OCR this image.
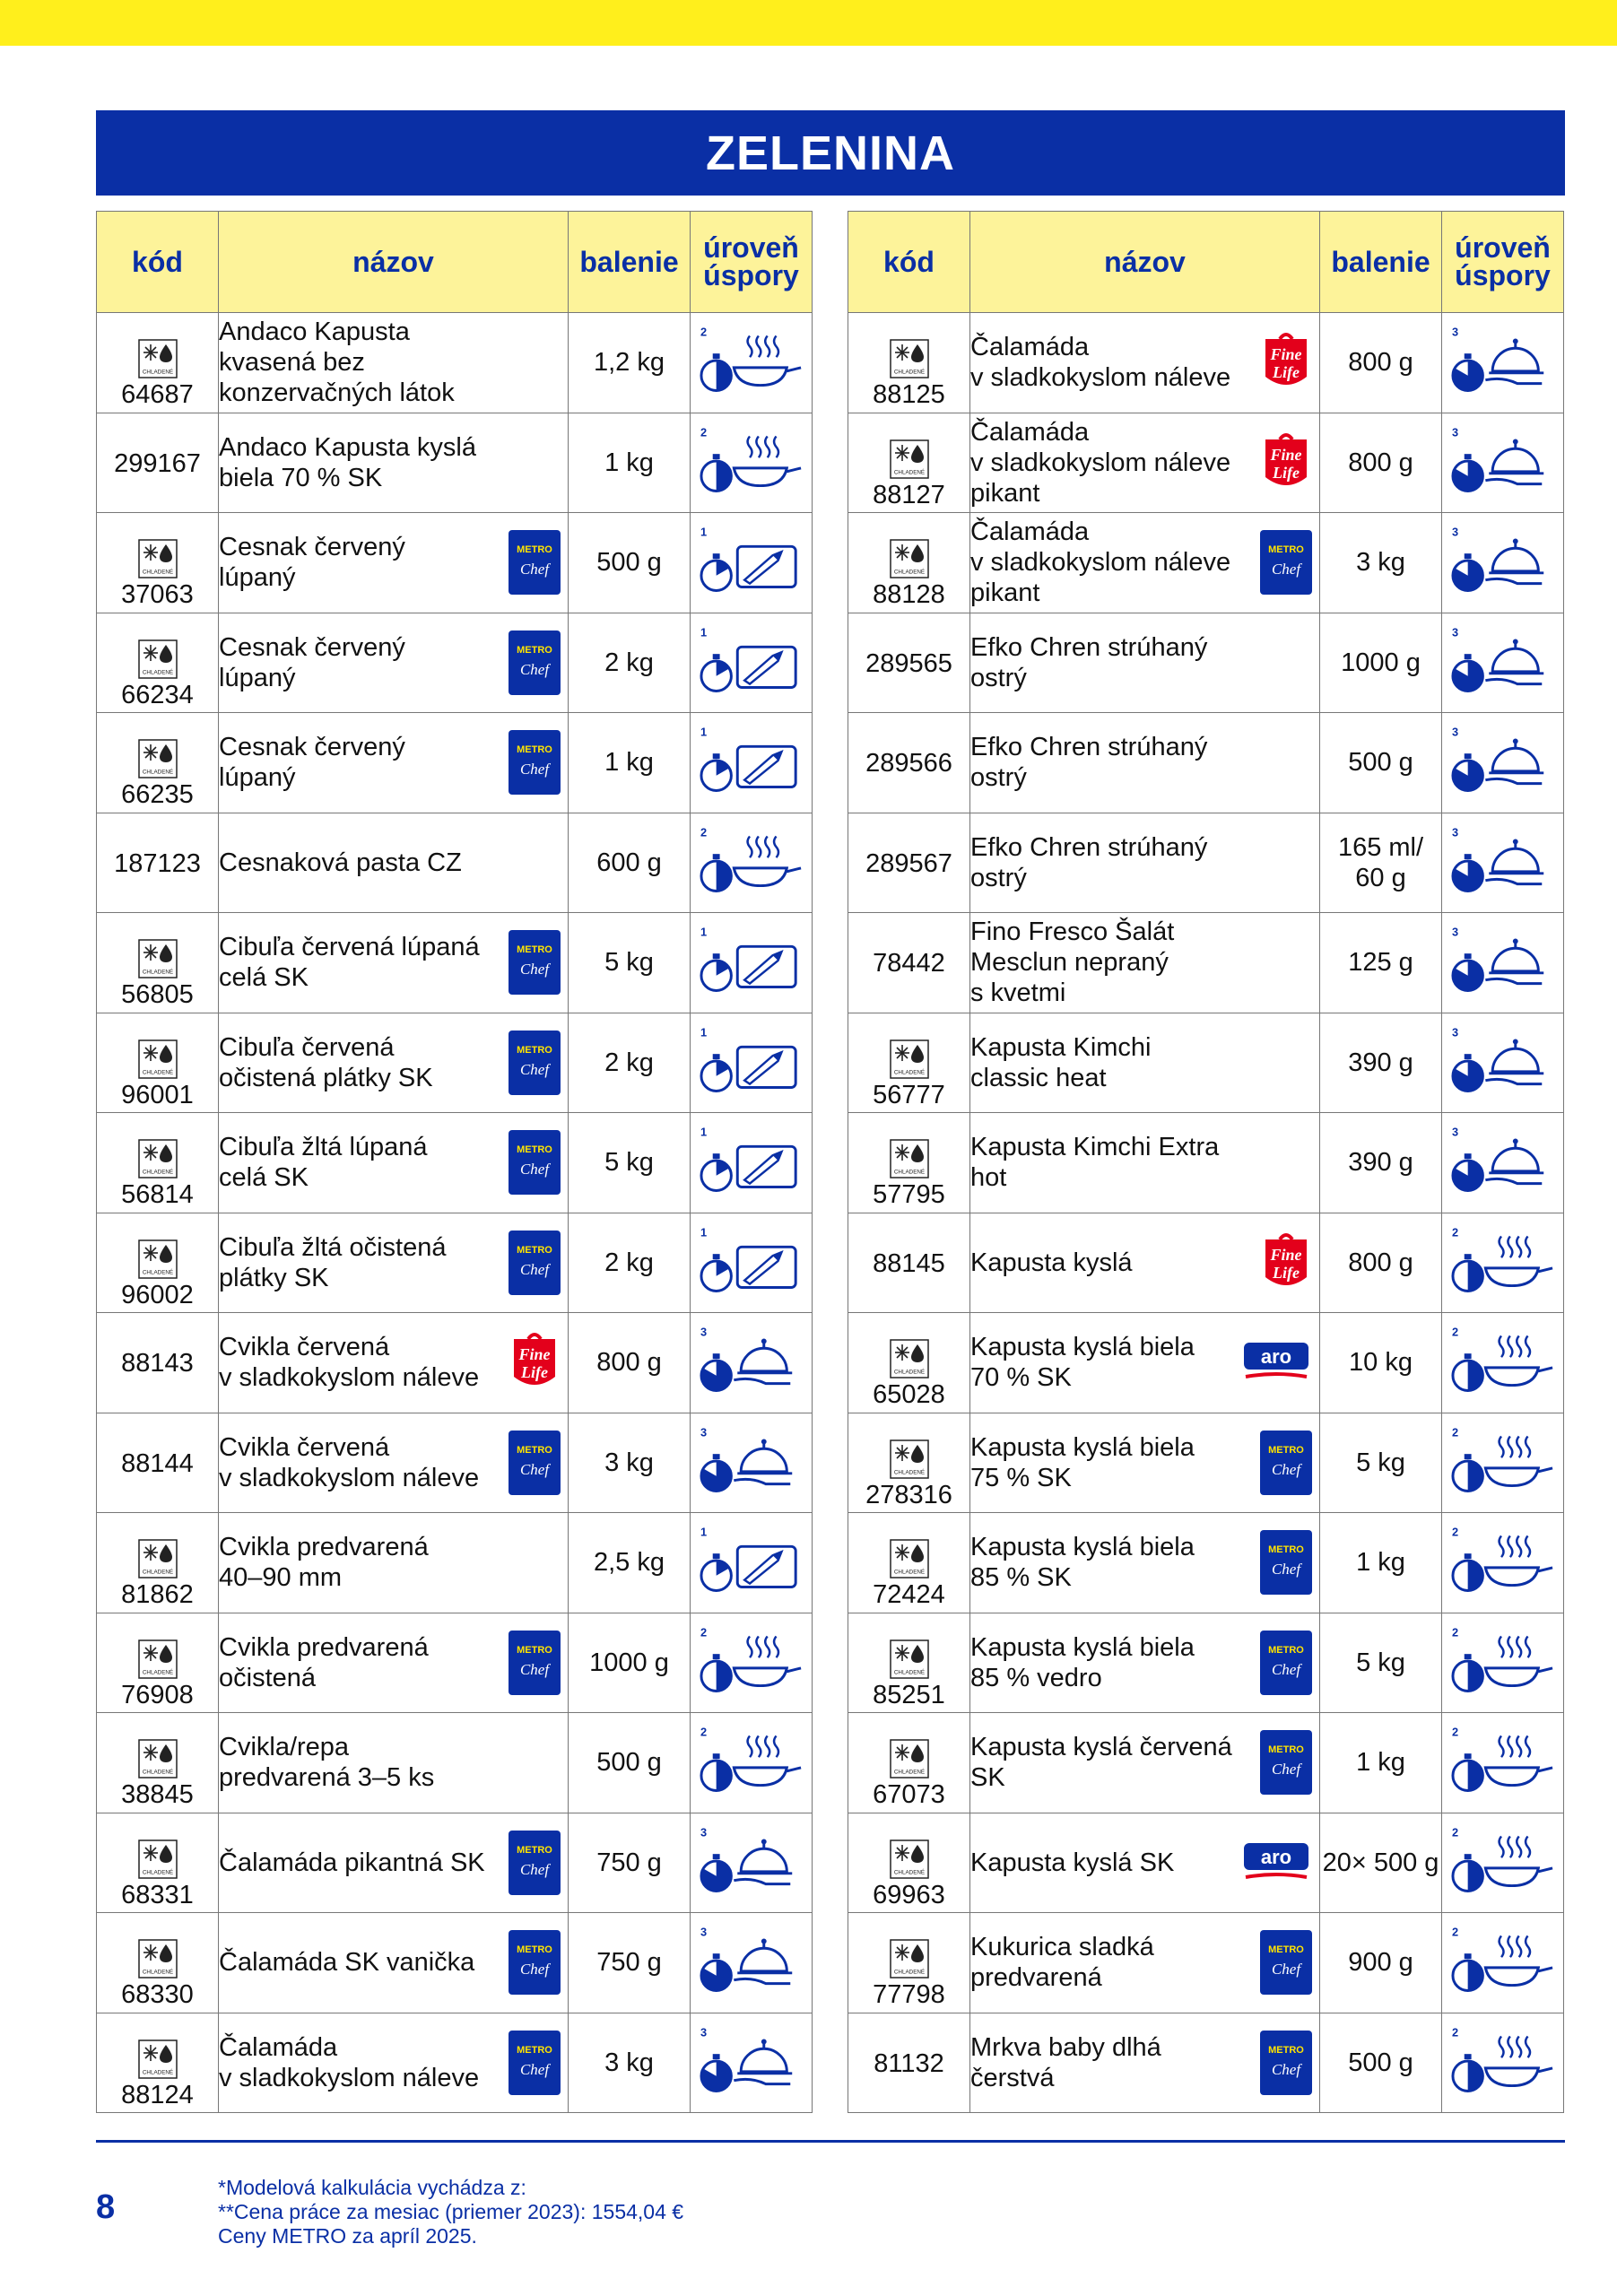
ZELENINA
kód	názov	balenie	úroveň
úspory

CHLADENÉ
64687	Andaco Kapusta
kvasená bez
konzervačných látok	1,2 kg	2

299167	Andaco Kapusta kyslá
biela 70 % SK	1 kg	2

CHLADENÉ
37063	Cesnak červený
lúpaný
METRO
Chef	500 g	1

CHLADENÉ
66234	Cesnak červený
lúpaný
METRO
Chef	2 kg	1

CHLADENÉ
66235	Cesnak červený
lúpaný
METRO
Chef	1 kg	1

187123	Cesnaková pasta CZ	600 g	2

CHLADENÉ
56805	Cibuľa červená lúpaná
celá SK
METRO
Chef	5 kg	1

CHLADENÉ
96001	Cibuľa červená
očistená plátky SK
METRO
Chef	2 kg	1

CHLADENÉ
56814	Cibuľa žltá lúpaná
celá SK
METRO
Chef	5 kg	1

CHLADENÉ
96002	Cibuľa žltá očistená
plátky SK
METRO
Chef	2 kg	1

88143	Cvikla červená
v sladkokyslom náleve
Fine
Life	800 g	3

88144	Cvikla červená
v sladkokyslom náleve
METRO
Chef	3 kg	3

CHLADENÉ
81862	Cvikla predvarená
40–90 mm	2,5 kg	1

CHLADENÉ
76908	Cvikla predvarená
očistená
METRO
Chef	1000 g	2

CHLADENÉ
38845	Cvikla/repa
predvarená 3–5 ks	500 g	2

CHLADENÉ
68331	Čalamáda pikantná SK METRO
Chef	750 g	3

CHLADENÉ
68330	Čalamáda SK vanička METRO
Chef	750 g	3

CHLADENÉ
88124	Čalamáda
v sladkokyslom náleve
METRO
Chef	3 kg	3
kód	názov	balenie	úroveň
úspory

CHLADENÉ
88125	Čalamáda
v sladkokyslom náleve
Fine
Life	800 g	3

CHLADENÉ
88127	Čalamáda
v sladkokyslom náleve
pikant
Fine
Life	800 g	3

CHLADENÉ
88128	Čalamáda
v sladkokyslom náleve
pikant
METRO
Chef	3 kg	3

289565	Efko Chren strúhaný
ostrý	1000 g	3

289566	Efko Chren strúhaný
ostrý	500 g	3

289567	Efko Chren strúhaný
ostrý	165 ml/
60 g	3

78442	Fino Fresco Šalát
Mesclun nepraný
s kvetmi	125 g	3

CHLADENÉ
56777	Kapusta Kimchi
classic heat	390 g	3

CHLADENÉ
57795	Kapusta Kimchi Extra
hot	390 g	3

88145	Kapusta kyslá Fine
Life	800 g	2

CHLADENÉ
65028	Kapusta kyslá biela
70 % SK
aro	10 kg	2

CHLADENÉ
278316	Kapusta kyslá biela
75 % SK
METRO
Chef	5 kg	2

CHLADENÉ
72424	Kapusta kyslá biela
85 % SK
METRO
Chef	1 kg	2

CHLADENÉ
85251	Kapusta kyslá biela
85 % vedro
METRO
Chef	5 kg	2

CHLADENÉ
67073	Kapusta kyslá červená
SK
METRO
Chef	1 kg	2

CHLADENÉ
69963	Kapusta kyslá SK aro	20× 500 g	2

CHLADENÉ
77798	Kukurica sladká
predvarená
METRO
Chef	900 g	2

81132	Mrkva baby dlhá
čerstvá
METRO
Chef	500 g	2
8
*Modelová kalkulácia vychádza z:
**Cena práce za mesiac (priemer 2023): 1554,04 €
Ceny METRO za apríl 2025.
